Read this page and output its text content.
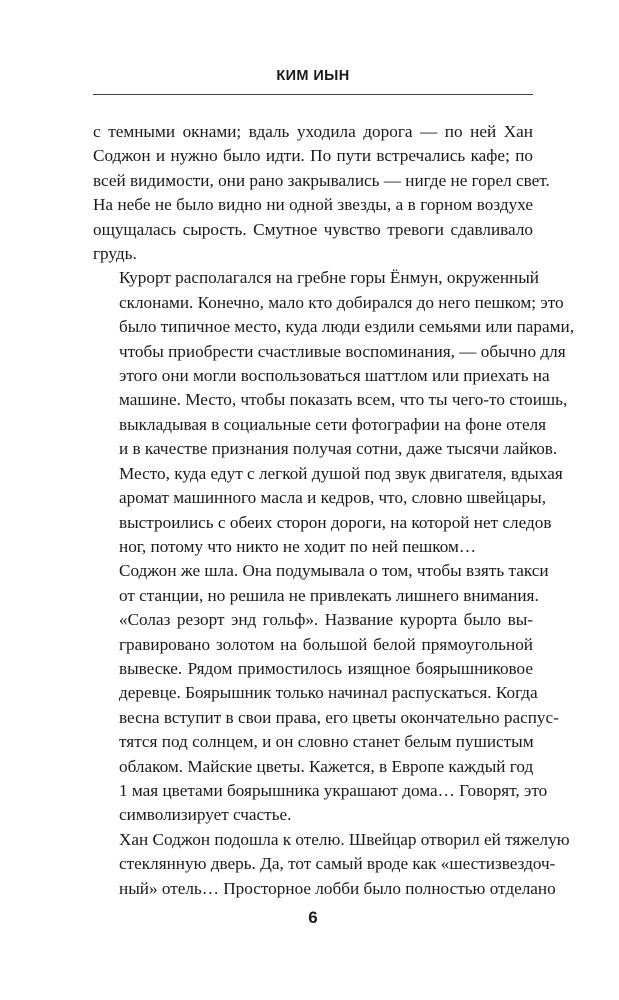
КИМ ИЫН

с темными окнами; вдаль уходила дорога — по ней Хан
Соджон и нужно было идти. По пути встречались кафе; по
всей видимости, они рано закрывались — нигде не горел свет.
На небе не было видно ни одной звезды, а в горном воздухе
ощущалась сырость. Смутное чувство тревоги сдавливало
грудь.

Курорт располагался на гребне горы Ёнмун, окруженный
склонами. Конечно, мало кто добирался до него пешком; это
было типичное место, куда люди ездили семьями или парами,
чтобы приобрести счастливые воспоминания, — обычно для
этого они могли воспользоваться шаттлом или приехать на
машине. Место, чтобы показать всем, что ты чего-то стоишь,
выкладывая в социальные сети фотографии на фоне отеля
и в качестве признания получая сотни, даже тысячи лайков.
Место, куда едут с легкой душой под звук двигателя, вдыхая
аромат машинного масла и кедров, что, словно швейцары,
выстроились с обеих сторон дороги, на которой нет следов
ног, потому что никто не ходит по ней пешком…

Соджон же шла. Она подумывала о том, чтобы взять такси
от станции, но решила не привлекать лишнего внимания.

«Солаз резорт энд гольф». Название курорта было вы-
гравировано золотом на большой белой прямоугольной
вывеске. Рядом примостилось изящное боярышниковое
деревце. Боярышник только начинал распускаться. Когда
весна вступит в свои права, его цветы окончательно распус-
тятся под солнцем, и он словно станет белым пушистым
облаком. Майские цветы. Кажется, в Европе каждый год
1 мая цветами боярышника украшают дома… Говорят, это
символизирует счастье.

Хан Соджон подошла к отелю. Швейцар отворил ей тяжелую
стеклянную дверь. Да, тот самый вроде как «шестизвездоч-
ный» отель… Просторное лобби было полностью отделано

6
